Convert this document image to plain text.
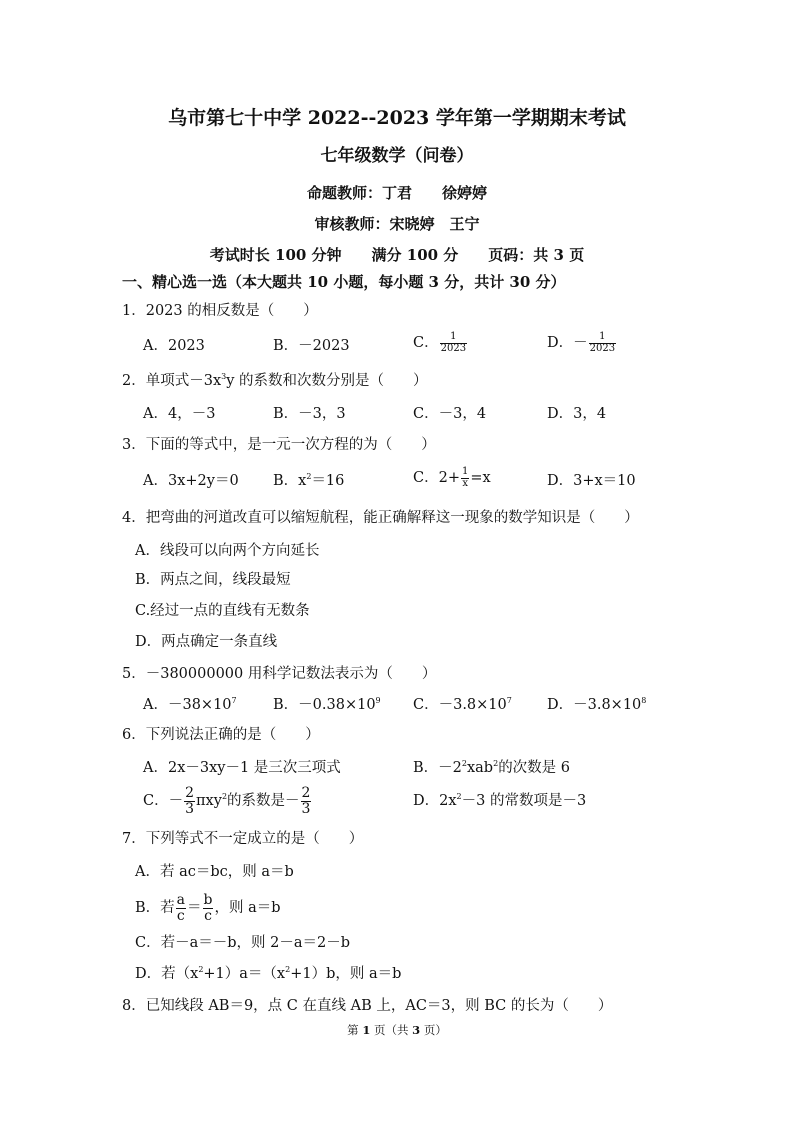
乌市第七十中学 2022--2023 学年第一学期期末考试
七年级数学（问卷）
命题教师：丁君　　徐婷婷
审核教师：宋晓婷　王宁
考试时长 100 分钟　　满分 100 分　　页码：共 3 页
一、精心选一选（本大题共 10 小题，每小题 3 分，共计 30 分）
1．2023 的相反数是（　　）
A．2023	B．－2023	C． $\frac{1}{2023}$	D．－ $\frac{1}{2023}$
2．单项式$-3x^3y$ 的系数和次数分别是（　　）
A．4，－3	B．－3，3	C．－3，4	D．3，4
3．下面的等式中，是一元一次方程的为（　　）
A．3x+2y＝0 B．$x^2=16$	C．$2+ \frac{1}{x} =x$	D．3+x＝10
4．把弯曲的河道改直可以缩短航程，能正确解释这一现象的数学知识是（　　）
A．线段可以向两个方向延长
B．两点之间，线段最短
C.经过一点的直线有无数条
D．两点确定一条直线
5．－380000000 用科学记数法表示为（　　）
A．$-38\times 10^7$	B．$-0.38\times 10^9$ C．$-3.8\times 10^7$ D．$-3.8\times 10^8$
6．下列说法正确的是（　　）
A．2x－3xy－1 是三次三项式	B．$-2^2xab^2$的次数是 6
C．－ $\frac{2}{3} \pi xy^2$的系数是－ $\frac{2}{3}$	D．$2x^2-3$ 的常数项是－3
7．下列等式不一定成立的是（　　）
A．若 ac＝bc，则 a＝b
B．若 $\frac{a}{c} = \frac{b}{c}$ ，则 a＝b
C．若－a＝－b，则 2－a＝2－b
D．若$(x^2+1)a=(x^2+1)b$，则 a＝b
8．已知线段 AB＝9，点 C 在直线 AB 上，AC＝3，则 BC 的长为（　　）
第 1 页（共 3 页）
